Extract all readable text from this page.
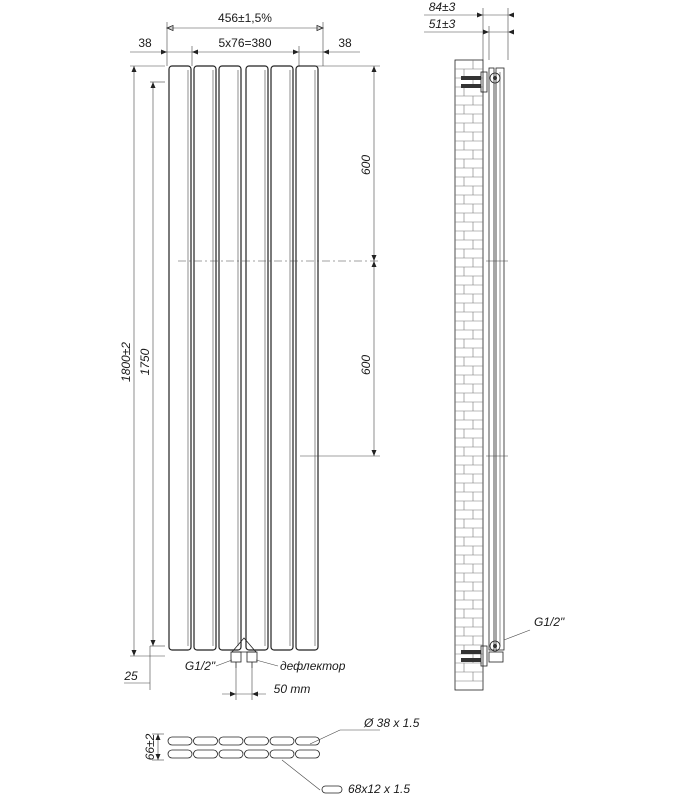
456±1,5%
38	5x76=380	38
600
600
1800±2 1750
25
G1/2"	дефлектор
50 mm
84±3
51±3
G1/2"
66±2
Ø 38 x 1.5
68x12 x 1.5
